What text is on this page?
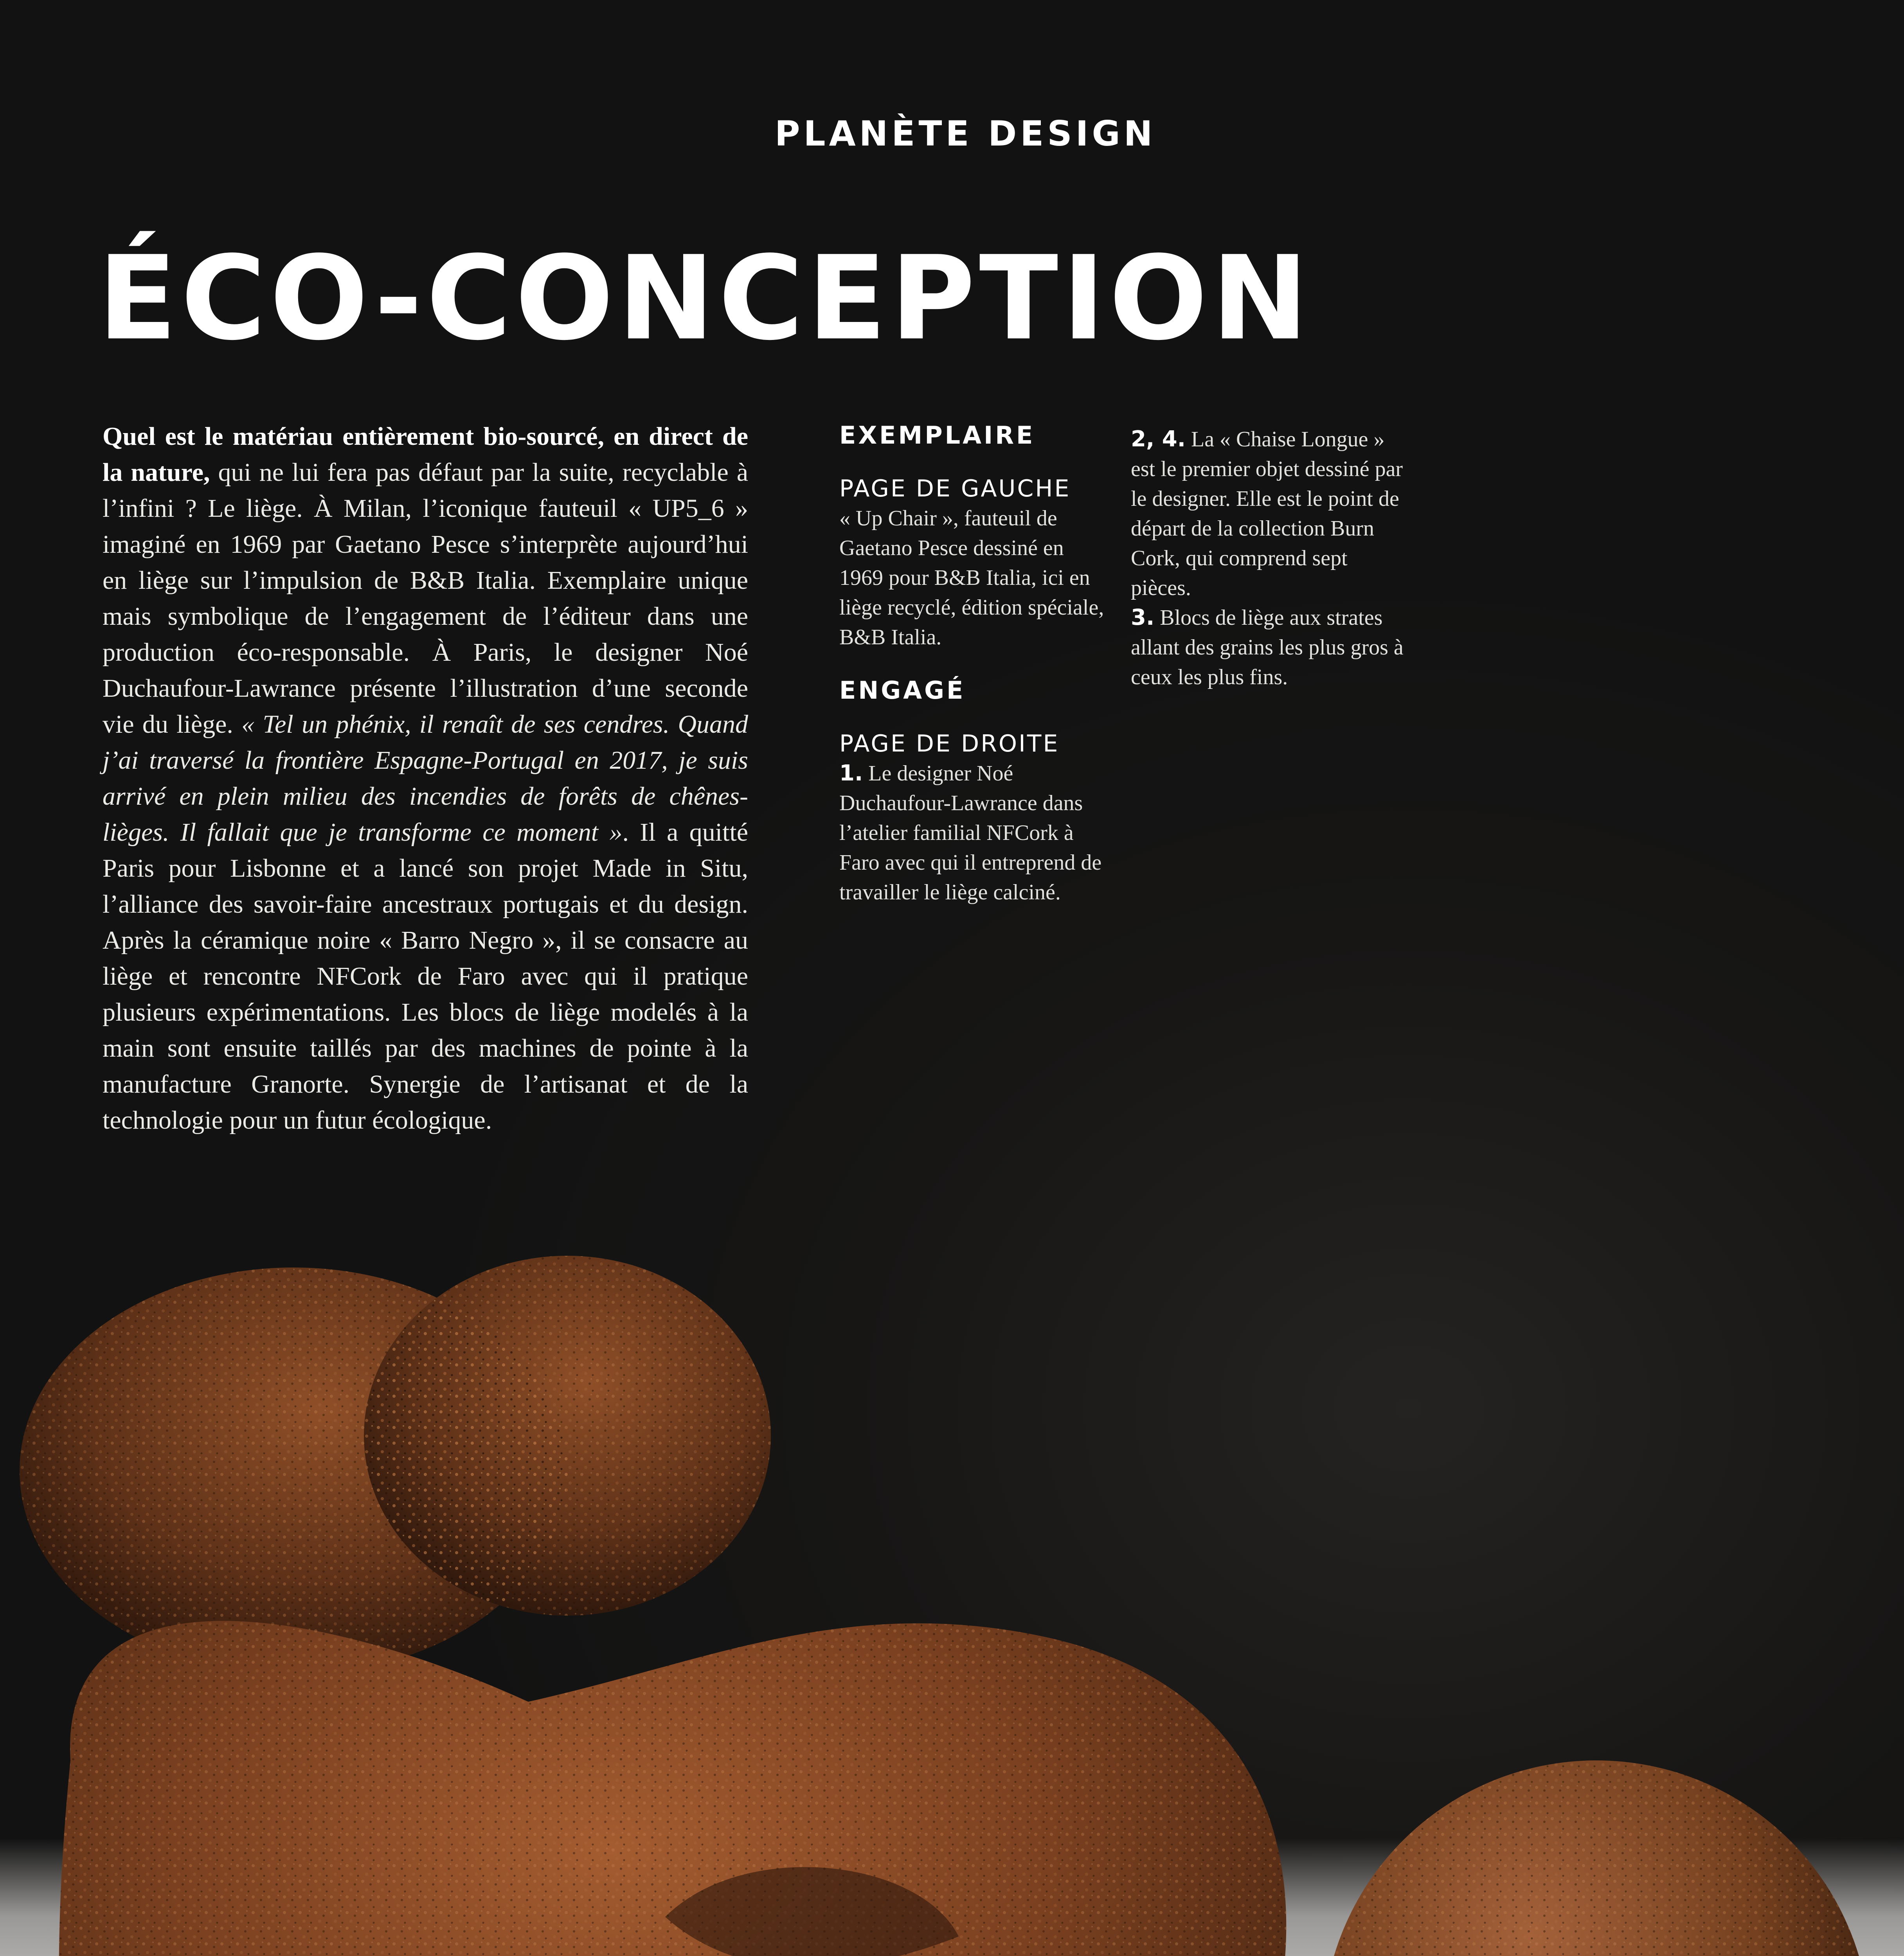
PLANÈTE DESIGN
ÉCO-CONCEPTION

Quel est le matériau entièrement bio-sourcé, en direct de la nature, qui ne lui fera pas défaut par la suite, recyclable à l’infini ? Le liège. À Milan, l’iconique fauteuil « UP5_6 » imaginé en 1969 par Gaetano Pesce s’interprète aujourd’hui en liège sur l’impulsion de B&B Italia. Exemplaire unique mais symbolique de l’engagement de l’éditeur dans une production éco-responsable. À Paris, le designer Noé Duchaufour-Lawrance présente l’illustration d’une seconde vie du liège. « Tel un phénix, il renaît de ses cendres. Quand j’ai traversé la frontière Espagne-Portugal en 2017, je suis arrivé en plein milieu des incendies de forêts de chênes-lièges. Il fallait que je transforme ce moment ». Il a quitté Paris pour Lisbonne et a lancé son projet Made in Situ, l’alliance des savoir-faire ancestraux portugais et du design. Après la céramique noire « Barro Negro », il se consacre au liège et rencontre NFCork de Faro avec qui il pratique plusieurs expérimentations. Les blocs de liège modelés à la main sont ensuite taillés par des machines de pointe à la manufacture Granorte. Synergie de l’artisanat et de la technologie pour un futur écologique.

EXEMPLAIRE
PAGE DE GAUCHE

« Up Chair », fauteuil de Gaetano Pesce dessiné en 1969 pour B&B Italia, ici en liège recyclé, édition spéciale, B&B Italia.

ENGAGÉ
PAGE DE DROITE

1. Le designer Noé Duchaufour-Lawrance dans l’atelier familial NFCork à Faro avec qui il entreprend de travailler le liège calciné.

2, 4. La « Chaise Longue » est le premier objet dessiné par le designer. Elle est le point de départ de la collection Burn Cork, qui comprend sept pièces.

3. Blocs de liège aux strates allant des grains les plus gros à ceux les plus fins.
